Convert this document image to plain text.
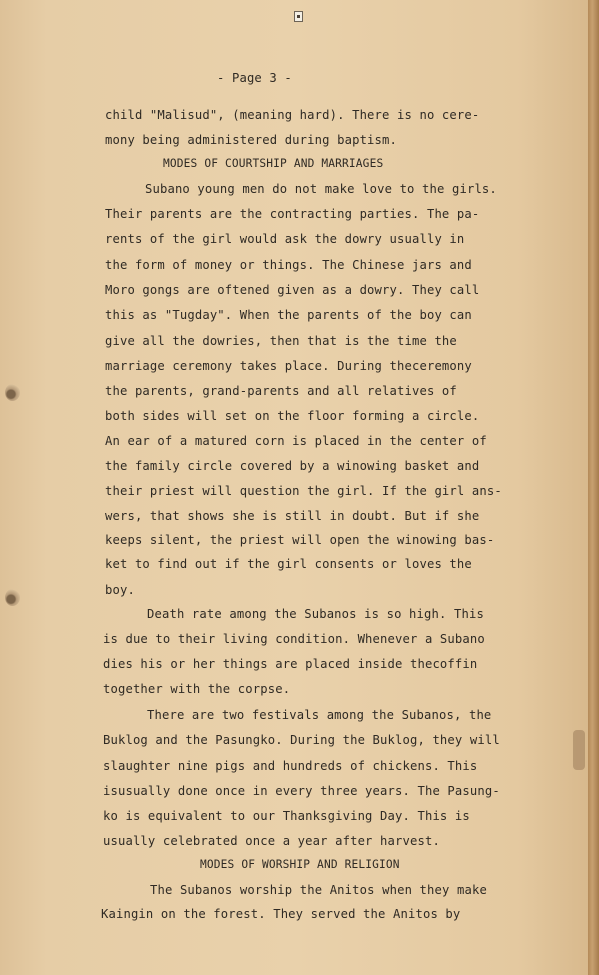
- Page 3 -

child "Malisud", (meaning hard). There is no cere-

mony being administered during baptism.

MODES OF COURTSHIP AND MARRIAGES

Subano young men do not make love to the girls.

Their parents are the contracting parties. The pa-

rents of the girl would ask the dowry usually in

the form of money or things. The Chinese jars and

Moro gongs are oftened given as a dowry. They call

this as "Tugday". When the parents of the boy can

give all the dowries, then that is the time the

marriage ceremony takes place. During theceremony

the parents, grand-parents and all relatives of

both sides will set on the floor forming a circle.

An ear of a matured corn is placed in the center of

the family circle covered by a winowing basket and

their priest will question the girl. If the girl ans-

wers, that shows she is still in doubt. But if she

keeps silent, the priest will open the winowing bas-

ket to find out if the girl consents or loves the

boy.

Death rate among the Subanos is so high. This

is due to their living condition. Whenever a Subano

dies his or her things are placed inside thecoffin

together with the corpse.

There are two festivals among the Subanos, the

Buklog and the Pasungko. During the Buklog, they will

slaughter nine pigs and hundreds of chickens. This

isusually done once in every three years. The Pasung-

ko is equivalent to our Thanksgiving Day. This is

usually celebrated once a year after harvest.

MODES OF WORSHIP AND RELIGION

The Subanos worship the Anitos when they make

Kaingin on the forest. They served the Anitos by
